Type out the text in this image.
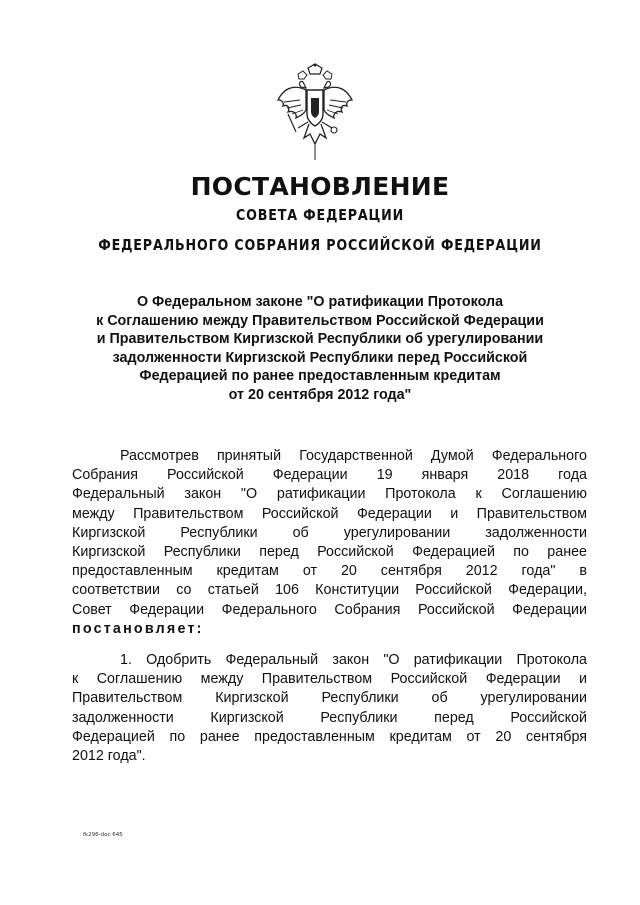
ПОСТАНОВЛЕНИЕ
СОВЕТА ФЕДЕРАЦИИ
ФЕДЕРАЛЬНОГО СОБРАНИЯ РОССИЙСКОЙ ФЕДЕРАЦИИ
О Федеральном законе "О ратификации Протокола
к Соглашению между Правительством Российской Федерации
и Правительством Киргизской Республики об урегулировании
задолженности Киргизской Республики перед Российской
Федерацией по ранее предоставленным кредитам
от 20 сентября 2012 года"
Рассмотрев принятый Государственной Думой Федерального
Собрания Российской Федерации 19 января 2018 года
Федеральный закон "О ратификации Протокола к Соглашению
между Правительством Российской Федерации и Правительством
Киргизской Республики об урегулировании задолженности
Киргизской Республики перед Российской Федерацией по ранее
предоставленным кредитам от 20 сентября 2012 года" в
соответствии со статьей 106 Конституции Российской Федерации,
Совет Федерации Федерального Собрания Российской Федерации
постановляет:
1. Одобрить Федеральный закон "О ратификации Протокола
к Соглашению между Правительством Российской Федерации и
Правительством Киргизской Республики об урегулировании
задолженности Киргизской Республики перед Российской
Федерацией по ранее предоставленным кредитам от 20 сентября
2012 года".
fk296-doc 645
